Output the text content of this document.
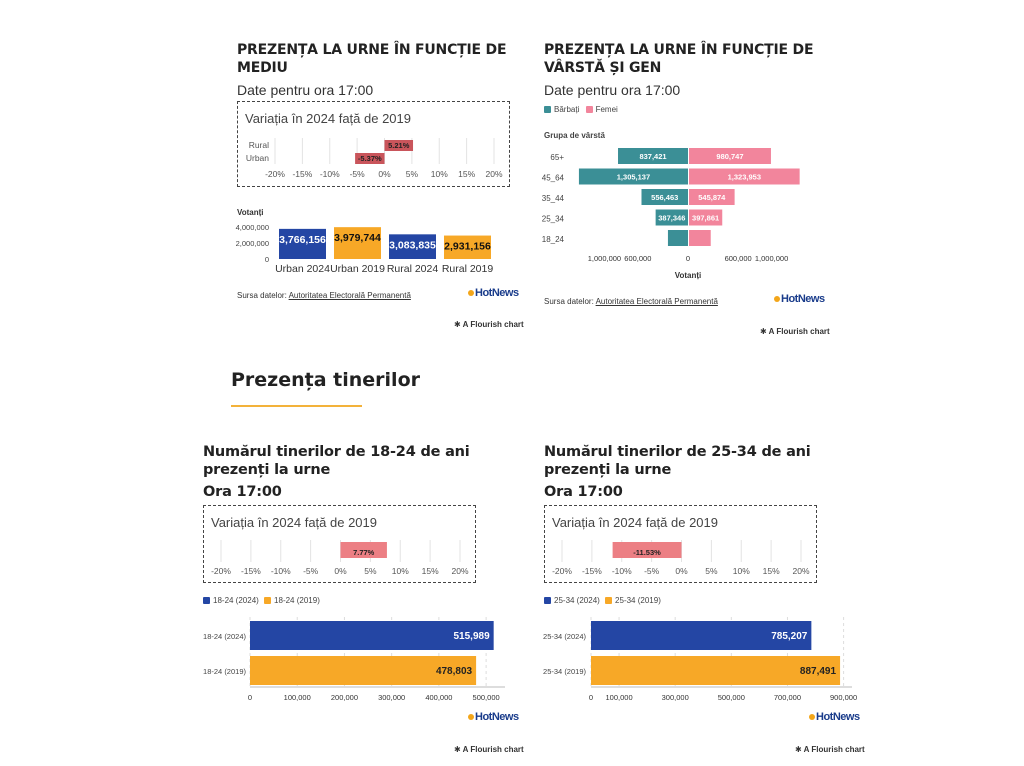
PREZENȚA LA URNE ÎN FUNCȚIE DE MEDIU
Date pentru ora 17:00
Variația în 2024 față de 2019
-20% -15% -10% -5% 0% 5% 10% 15% 20%
5.21%
Rural
-5.37%
Urban
Votanți
0
2,000,000
4,000,000
3,766,156
Urban 2024
3,979,744
Urban 2019
3,083,835
Rural 2024
2,931,156
Rural 2019
Sursa datelor: Autoritatea Electorală Permanentă	HotNews
✱ A Flourish chart
PREZENȚA LA URNE ÎN FUNCȚIE DE VÂRSTĂ ȘI GEN
Date pentru ora 17:00
Bărbați Femei
Grupa de vârstă
1,000,000 600,000	0	600,000 1,000,000
Votanți
65+	837,421	980,747
45_64	1,305,137	1,323,953
35_44	556,463	545,874
25_34	387,346 397,861
18_24
Sursa datelor: Autoritatea Electorală Permanentă	HotNews
✱ A Flourish chart
Prezența tinerilor
Numărul tinerilor de 18-24 de ani prezenți la urne
Ora 17:00
Variația în 2024 față de 2019
-20% -15% -10% -5% 0% 5% 10% 15% 20%
7.77%
18-24 (2024) 18-24 (2019)
0	100,000	200,000	300,000	400,000	500,000
18-24 (2024)	515,989
18-24 (2019)	478,803
HotNews
✱ A Flourish chart
Numărul tinerilor de 25-34 de ani prezenți la urne
Ora 17:00
Variația în 2024 față de 2019
-20% -15% -10% -5% 0% 5% 10% 15% 20%
-11.53%
25-34 (2024) 25-34 (2019)
0 100,000	300,000	500,000	700,000	900,000
25-34 (2024)	785,207
25-34 (2019)	887,491
HotNews
✱ A Flourish chart
